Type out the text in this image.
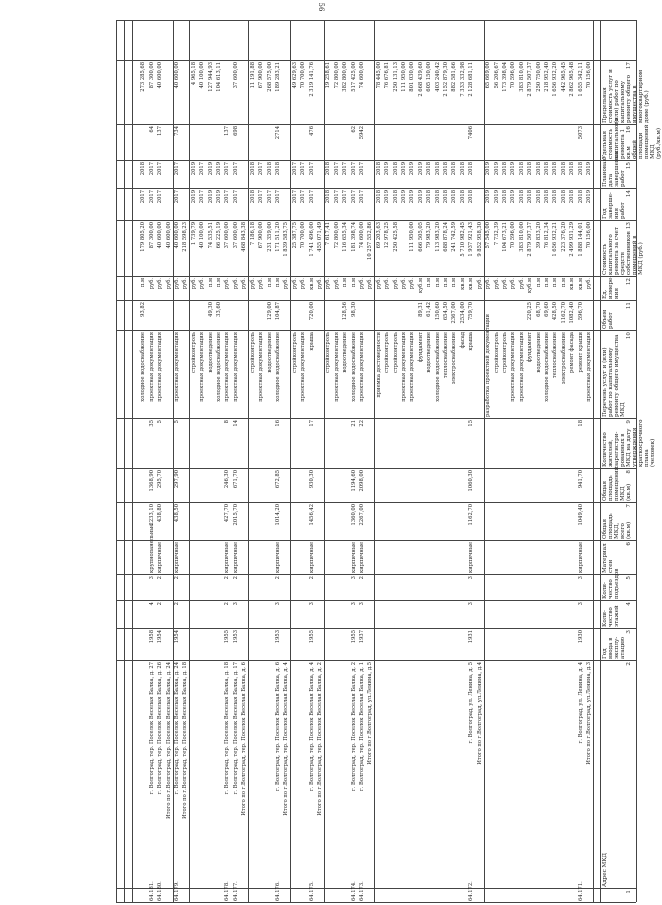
56
1
2
Адрес МКД
3
Год ввода в эксплу-атацию
4
Коли-чество этажей
5
Коли-чество подъездов
6
Материал стен
7
Общая площадь МКД, всего (кв.м)
8
Общая площадь помещений МКД (кв.м)
9
Количество жителей, зарегистри-рованных в МКД на дату утверждения краткосрочного плана (человек)
10
Перечень услуг и (или) работ по капитальному ремонту общего имущества МКД
11
Объем работ
12
Ед. измере-ния
13
Стоимость капитального ремонта за счет средств собственников помещений в МКД (руб.)
14
Год заверше-ния работ
15
Плановая дата завершения работ
16
Удельная стоимость капитального ремонта 1 кв.м общей площади помещений МКД (руб./кв.м)
17
Предельная стоимость услуг и (или) работ по капитальному ремонту общего имущества в многоквартирном доме (руб.)
Итого по г.Волгоград, ул.Ленина, д.3
проектная документация
руб.
70 156,00
2019
2019
70 156,00
64.171.
г. Волгоград, ул. Ленина, д. 4
1930
3
3
кирпичные
1049,40
941,70
18
ремонт крыши
596,70
кв.м
1 888 144,01
2018
2018
5073
1 655 342,11
ремонт фасада
1082,40
кв.м
2 499 931,29
2018
2018
2 862 965,48
электроснабжение
1162,70
п.м
223 376,20
2018
2018
442 965,45
теплоснабжение
428,50
п.м
1 656 932,21
2018
2018
1 656 932,20
холодное водоснабжение
69,60
п.м
76 812,34
2018
2018
218 952,40
водоотведение
68,70
п.м
39 833,20
2018
2018
250 750,00
фундамент
220,25
куб.м
2 879 507,37
2018
2018
2 879 507,37
проектная документация
руб.
383 810,00
2018
2018
383 810,00
проектная документация
руб.
70 596,00
2019
2019
70 596,00
стройконтроль
руб.
104 673,21
2018
2018
173 398,04
стройконтроль
руб.
7 732,39
2019
2019
56 206,67
разработка проектной документации
руб.
57 545,00
2019
2019
65 669,00
Итого по г.Волгоград, ул.Ленина, д.4
руб.
9 852 958,30
64.172.
г. Волгоград, ул. Ленина, д. 5
1931
3
3
кирпичные
1162,70
1060,30
15
крыша
759,70
кв.м
1 937 921,43
2018
2018
7406
2 128 681,11
фасад
2534,00
кв.м
5 710 982,45
2018
2018
7 333 332,98
электроснабжение
2367,00
п.м
241 742,59
2018
2018
882 581,66
теплоснабжение
654,50
п.м
688 878,24
2018
2018
2 152 879,30
холодное водоснабжение
150,60
п.м
113 983,20
2018
2018
403 240,42
водоотведение
61,42
п.м
79 983,20
2018
2018
605 150,00
фундамент
89,31
куб.м
666 505,05
2019
2019
2 668 439,60
проектная документация
руб.
111 950,00
2019
2019
801 030,00
проектная документация
руб.
2019
2019
111 950,00
стройконтроль
руб.
250 425,58
2018
2018
250 131,13
стройконтроль
руб.
12 978,25
2019
2019
76 676,81
приемка достоверности
руб.
69 203,63
2018
2018
78 445,00
Итого по г.Волгоград, ул.Ленина, д.5
руб.
10 257 552,86
64.173.
г. Волгоград, тер. Поселок Веселая Балка, д. 1
1937
3
2
кирпичные
2267,00
2098,00
22
проектная документация
руб.
74 600,00
2017
2017
5942
74 600,00
64.174.
г. Волгоград, тер. Поселок Веселая Балка, д. 2
1955
3
3
кирпичные
1360,00
1194,60
21
холодное водоснабжение
98,30
п.м
181 398,74
2017
2017
62
517 425,00
водоотведение
128,56
п.м
116 655,34
2017
2017
382 800,00
проектная документация
руб.
72 800,00
2017
2017
72 800,00
стройконтроль
руб.
7 617,41
2018
2018
19 258,61
Итого по г.Волгоград, тер. Поселок Веселая Балка, д. 2
руб.
455 071,49
64.175.
г. Волгоград, тер. Поселок Веселая Балка, д. 4
1955
3
2
кирпичные
1456,42
930,30
17
крыша
720,00
кв.м
1 741 496,00
2017
2017
476
2 319 141,76
проектная документация
руб.
70 700,00
2017
2017
70 700,00
стройконтроль
руб.
25 387,75
2017
2017
49 629,63
Итого по г.Волгоград, тер. Поселок Веселая Балка, д. 4
руб.
1 839 583,75
64.176.
г. Волгоград, тер. Поселок Веселая Балка, д. 6
1953
3
2
кирпичные
1014,20
672,85
16
холодное водоснабжение
104,87
п.м
171 511,20
2017
2018
2714
189 283,21
водоотведение
129,00
п.м
231 359,00
2017
2018
268 575,00
проектная документация
руб.
67 900,00
2017
2017
67 900,00
стройконтроль
руб.
7 186,18
2018
2018
11 191,88
Итого по г.Волгоград, тер. Поселок Веселая Балка, д. 6
руб.
468 843,38
64.177.
г. Волгоград, тер. Поселок Веселая Балка, д. 17
1953
3
2
кирпичные
2015,70
671,70
14
проектная документация
руб.
37 600,00
2017
2017
698
37 600,00
64.178.
г. Волгоград, тер. Поселок Веселая Балка, д. 18
1955
2
2
кирпичные
427,70
246,30
8
проектная документация
руб.
37 600,00
2017
2017
137
холодное водоснабжение
33,60
п.м
66 225,19
2019
2019
104 613,11
водоотведение
49,30
п.м
74 535,51
2019
2019
127 944,93
проектная документация
руб.
40 100,00
2017
2017
40 100,00
стройконтроль
руб.
1 739,79
2019
2019
4 965,18
Итого по г.Волгоград, тер. Поселок Веселая Балка, д. 18
руб.
218 598,23
64.179.
г. Волгоград, тер. Поселок Веселая Балка, д. 24
1954
2
2
кирпичные
438,50
297,90
5
проектная документация
руб.
40 600,00
2017
2017
734
40 600,00
Итого по г.Волгоград, тер. Поселок Веселая Балка, д. 24
руб.
40 600,00
64.180.
г. Волгоград, тер. Поселок Веселая Балка, д. 26
1954
2
2
кирпичные
438,80
295,70
5
проектная документация
руб.
40 600,00
2017
2017
137
40 600,00
64.181.
г. Волгоград, тер. Поселок Веселая Балка, д. 27
1958
4
3
крупнопанельные
2233,10
1368,90
35
проектная документация
руб.
87 300,00
2017
2017
64
87 300,00
холодное водоснабжение
93,82
п.м
179 805,20
2017
2018
273 285,68
